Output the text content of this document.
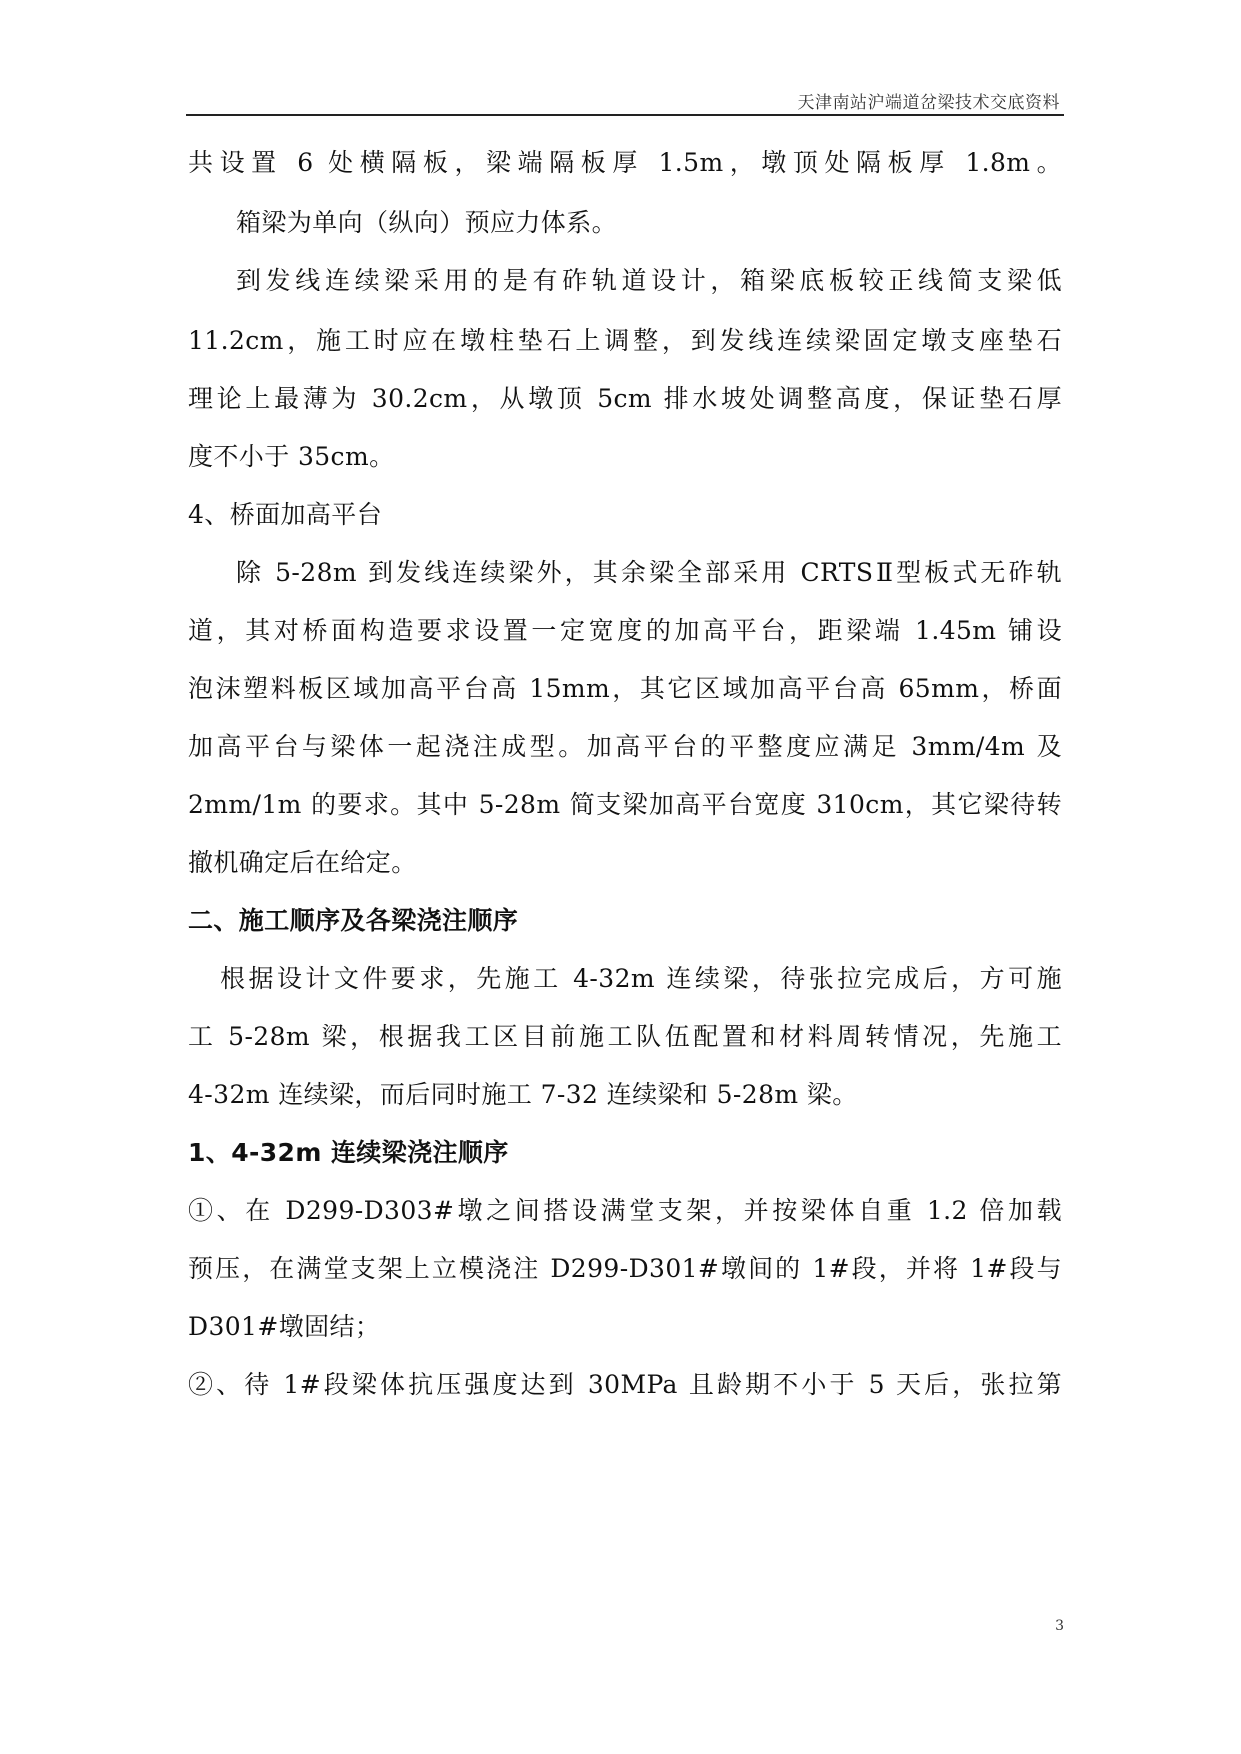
天津南站沪端道岔梁技术交底资料
共设置 6 处横隔板，梁端隔板厚 1.5m，墩顶处隔板厚 1.8m。
箱梁为单向（纵向）预应力体系。
到发线连续梁采用的是有砟轨道设计，箱梁底板较正线简支梁低
11.2cm，施工时应在墩柱垫石上调整，到发线连续梁固定墩支座垫石
理论上最薄为 30.2cm，从墩顶 5cm 排水坡处调整高度，保证垫石厚
度不小于 35cm。
4、桥面加高平台
除 5-28m 到发线连续梁外，其余梁全部采用 CRTSⅡ型板式无砟轨
道，其对桥面构造要求设置一定宽度的加高平台，距梁端 1.45m 铺设
泡沫塑料板区域加高平台高 15mm，其它区域加高平台高 65mm，桥面
加高平台与梁体一起浇注成型。加高平台的平整度应满足 3mm/4m 及
2mm/1m 的要求。其中 5-28m 简支梁加高平台宽度 310cm，其它梁待转
撤机确定后在给定。
二、施工顺序及各梁浇注顺序
根据设计文件要求，先施工 4-32m 连续梁，待张拉完成后，方可施
工 5-28m 梁，根据我工区目前施工队伍配置和材料周转情况，先施工
4-32m 连续梁，而后同时施工 7-32 连续梁和 5-28m 梁。
1、4-32m 连续梁浇注顺序
①、在 D299-D303#墩之间搭设满堂支架，并按梁体自重 1.2 倍加载
预压，在满堂支架上立模浇注 D299-D301#墩间的 1#段，并将 1#段与
D301#墩固结；
②、待 1#段梁体抗压强度达到 30MPa 且龄期不小于 5 天后，张拉第
3
